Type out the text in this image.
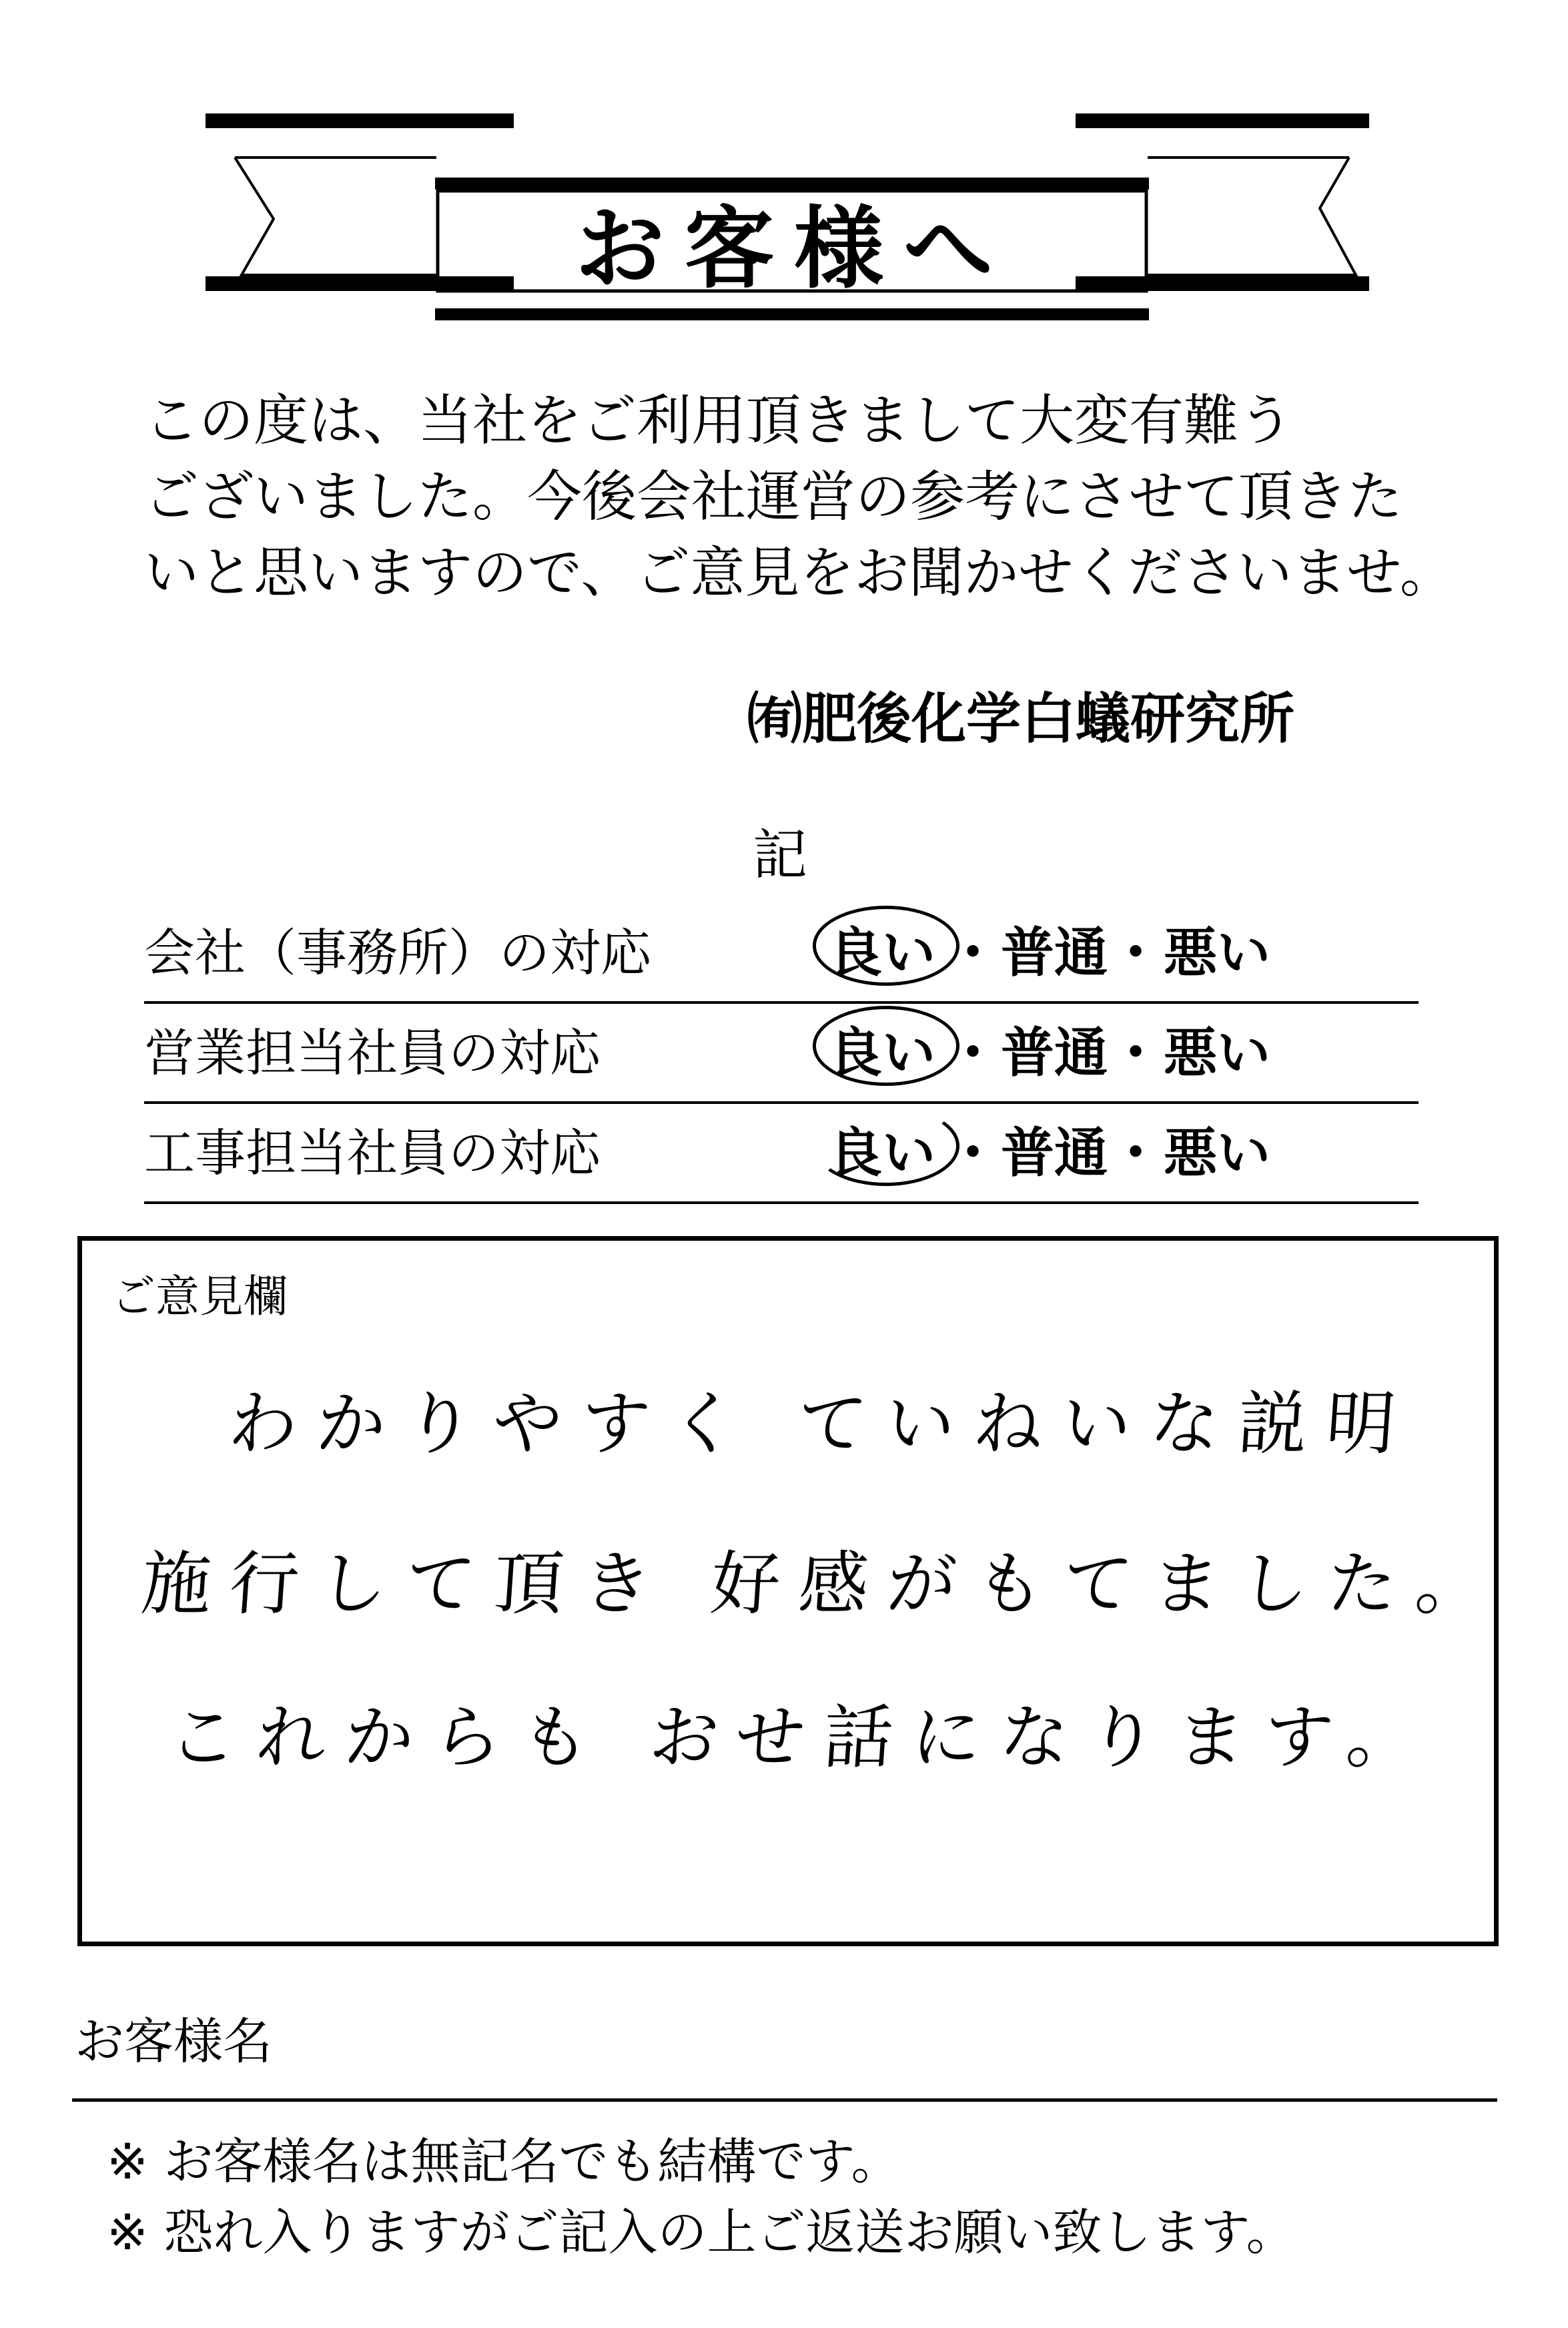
お客様へ
この度は、当社をご利用頂きまして大変有難う
ございました。今後会社運営の参考にさせて頂きた
いと思いますので、ご意見をお聞かせくださいませ。
㈲肥後化学白蟻研究所
記
会社（事務所）の対応	良い ・ 普通 ・ 悪い
営業担当社員の対応	良い ・ 普通 ・ 悪い
工事担当社員の対応	良い ・ 普通 ・ 悪い
ご意見欄
わかりやすく ていねいな説明
施行して頂き 好感がもてました。
これからも おせ話になります。
お客様名
※ お客様名は無記名でも結構です。
※ 恐れ入りますがご記入の上ご返送お願い致します。
